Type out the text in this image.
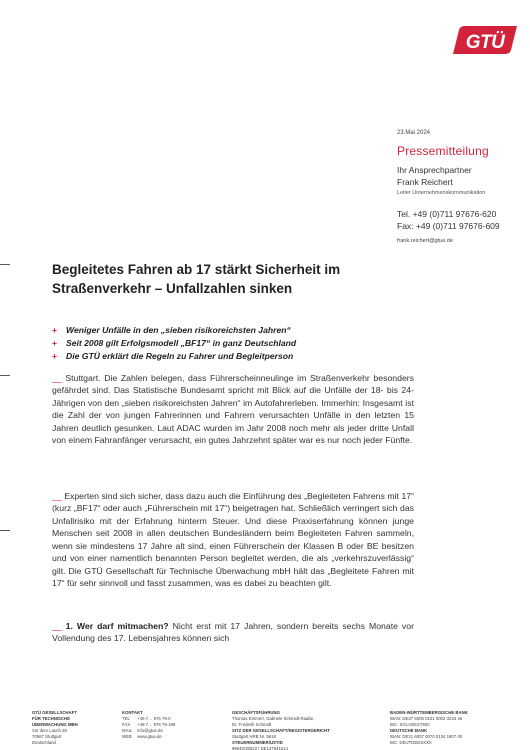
GTÜ
23.Mai 2024
Pressemitteilung
Ihr Ansprechpartner
Frank Reichert
Leiter Unternehmenskommunikation
Tel. +49 (0)711 97676-620
Fax: +49 (0)711 97676-609
frank.reichert@gtue.de
Begleitetes Fahren ab 17 stärkt Sicherheit im Straßenverkehr – Unfallzahlen sinken
+ Weniger Unfälle in den „sieben risikoreichsten Jahren“
+ Seit 2008 gilt Erfolgsmodell „BF17“ in ganz Deutschland
+ Die GTÜ erklärt die Regeln zu Fahrer und Begleitperson
__ Stuttgart. Die Zahlen belegen, dass Führerscheinneulinge im Straßenverkehr besonders gefährdet sind. Das Statistische Bundesamt spricht mit Blick auf die Unfälle der 18- bis 24-Jährigen von den „sieben risikoreichsten Jahren“ im Autofahrerleben. Immerhin: Insgesamt ist die Zahl der von jungen Fahrerinnen und Fahrern verursachten Unfälle in den letzten 15 Jahren deutlich gesunken. Laut ADAC wurden im Jahr 2008 noch mehr als jeder dritte Unfall von einem Fahranfänger verursacht, ein gutes Jahrzehnt später war es nur noch jeder Fünfte.
__ Experten sind sich sicher, dass dazu auch die Einführung des „Begleiteten Fahrens mit 17“ (kurz „BF17“ oder auch „Führerschein mit 17“) beigetragen hat. Schließlich verringert sich das Unfallrisiko mit der Erfahrung hinterm Steuer. Und diese Praxiserfahrung können junge Menschen seit 2008 in allen deutschen Bundesländern beim Begleiteten Fahren sammeln, wenn sie mindestens 17 Jahre alt sind, einen Führerschein der Klassen B oder BE besitzen und von einer namentlich benannten Person begleitet werden, die als „verkehrszuverlässig“ gilt. Die GTÜ Gesellschaft für Technische Überwachung mbH hält das „Begleitete Fahren mit 17“ für sehr sinnvoll und fasst zusammen, was es dabei zu beachten gilt.
__ 1. Wer darf mitmachen? Nicht erst mit 17 Jahren, sondern bereits sechs Monate vor Vollendung des 17. Lebensjahres können sich
GTÜ GESELLSCHAFT
FÜR TECHNISCHE
ÜBERWACHUNG MBH
Vor dem Lauch 25
70567 Stuttgart
Deutschland
KONTAKT
TEL +49 7… 976 76-0
FAX +49 7… 976 76-199
MAIL info@gtue.de
WEB www.gtue.de
GESCHÄFTSFÜHRUNG
Thomas Emmert, Gabriele Schmidt-Raaße,
Dr. Frederik Schmidt
SITZ DER GESELLSCHAFT/REGISTERGERICHT
Stuttgart HRB Nr. 5618
STEUERNUMMER/USTID
99040/36522 | DE147841514
BADEN-WÜRTTEMBERGISCHE BANK
IBAN: DE37 6005 0101 0002 3233 46
BIC: SOLADEST600
DEUTSCHE BANK
IBAN: DE21 6007 0070 0134 1807 00
BIC: DEUTDEDSXXX
